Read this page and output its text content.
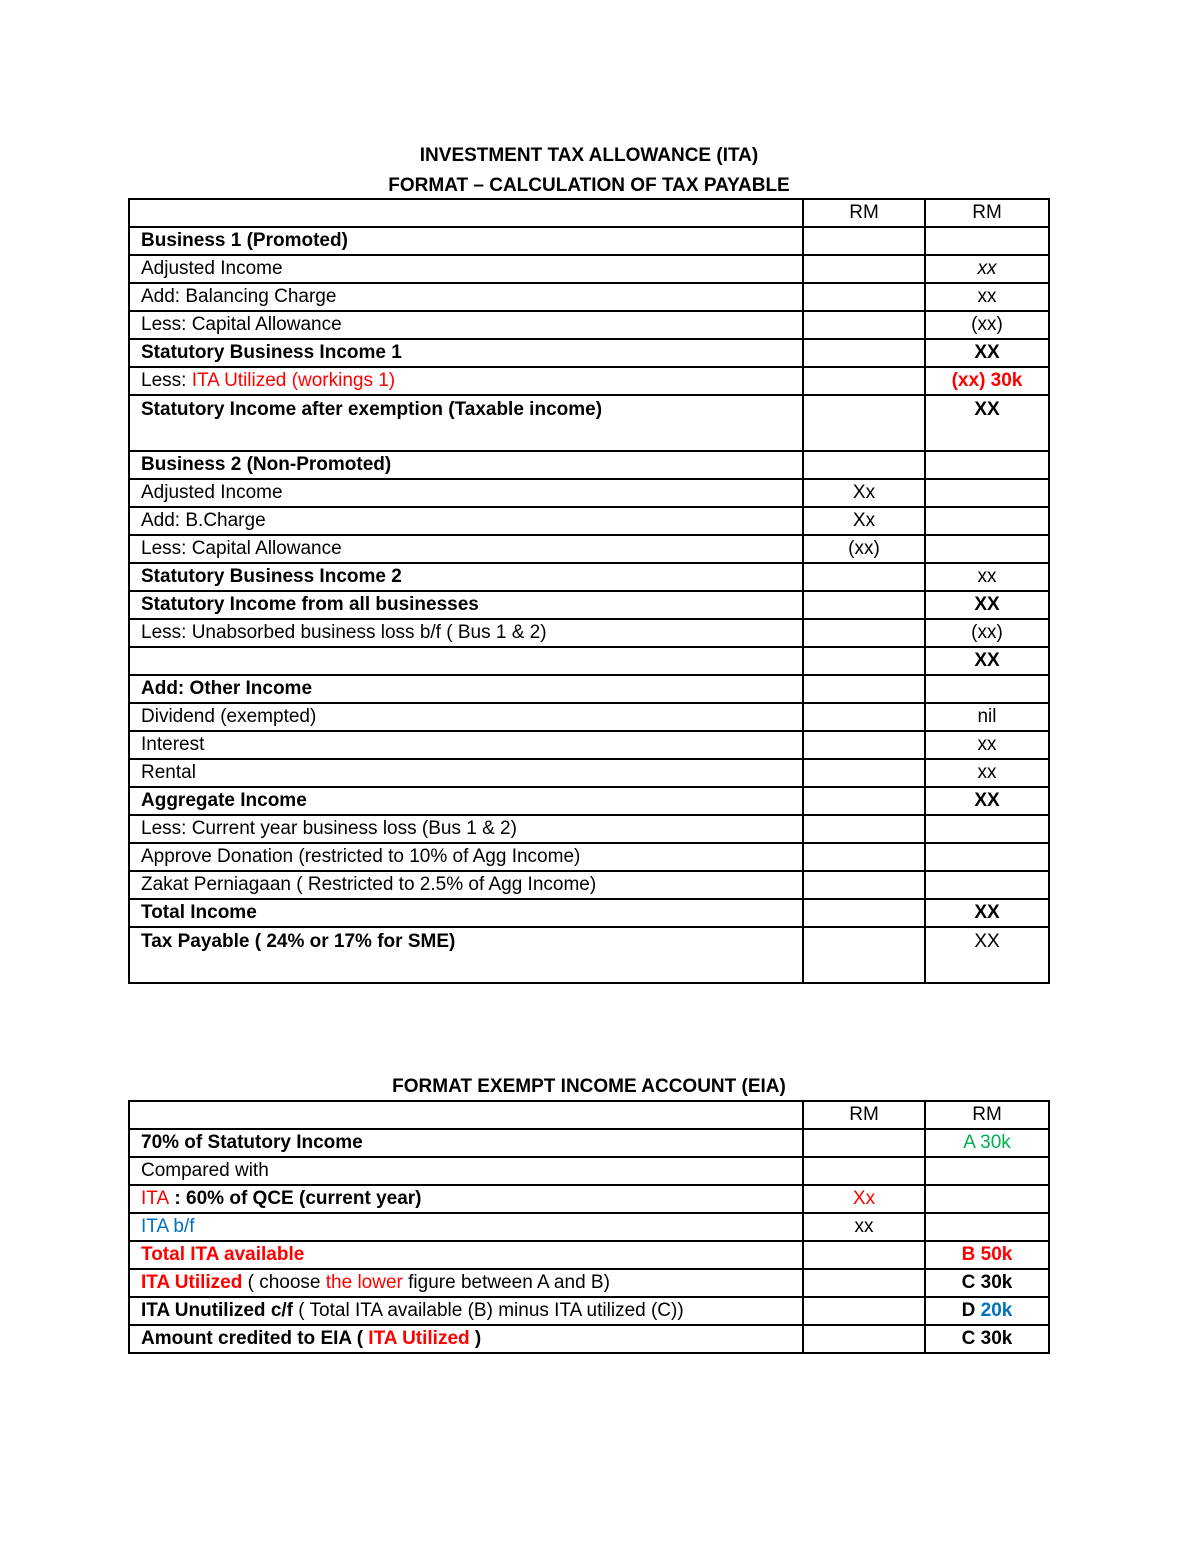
INVESTMENT TAX ALLOWANCE (ITA)
FORMAT – CALCULATION OF TAX PAYABLE
	RM	RM
Business 1 (Promoted)		
Adjusted Income		xx
Add: Balancing Charge		xx
Less: Capital Allowance		(xx)
Statutory Business Income 1		XX
Less: ITA Utilized (workings 1)		(xx) 30k
Statutory Income after exemption (Taxable income)		XX
Business 2 (Non-Promoted)		
Adjusted Income	Xx	
Add: B.Charge	Xx	
Less: Capital Allowance	(xx)	
Statutory Business Income 2		xx
Statutory Income from all businesses		XX
Less: Unabsorbed business loss b/f ( Bus 1 & 2)		(xx)
		XX
Add: Other Income		
Dividend (exempted)		nil
Interest		xx
Rental		xx
Aggregate Income		XX
Less: Current year business loss (Bus 1 & 2)		
Approve Donation (restricted to 10% of Agg Income)		
Zakat Perniagaan ( Restricted to 2.5% of Agg Income)		
Total Income		XX
Tax Payable ( 24% or 17% for SME)		XX
FORMAT EXEMPT INCOME ACCOUNT (EIA)
	RM	RM
70% of Statutory Income		A 30k
Compared with		
ITA : 60% of QCE (current year)	Xx	
ITA b/f	xx	
Total ITA available		B 50k
ITA Utilized ( choose the lower figure between A and B)		C 30k
ITA Unutilized c/f ( Total ITA available (B) minus ITA utilized (C))		D 20k
Amount credited to EIA ( ITA Utilized )		C 30k
